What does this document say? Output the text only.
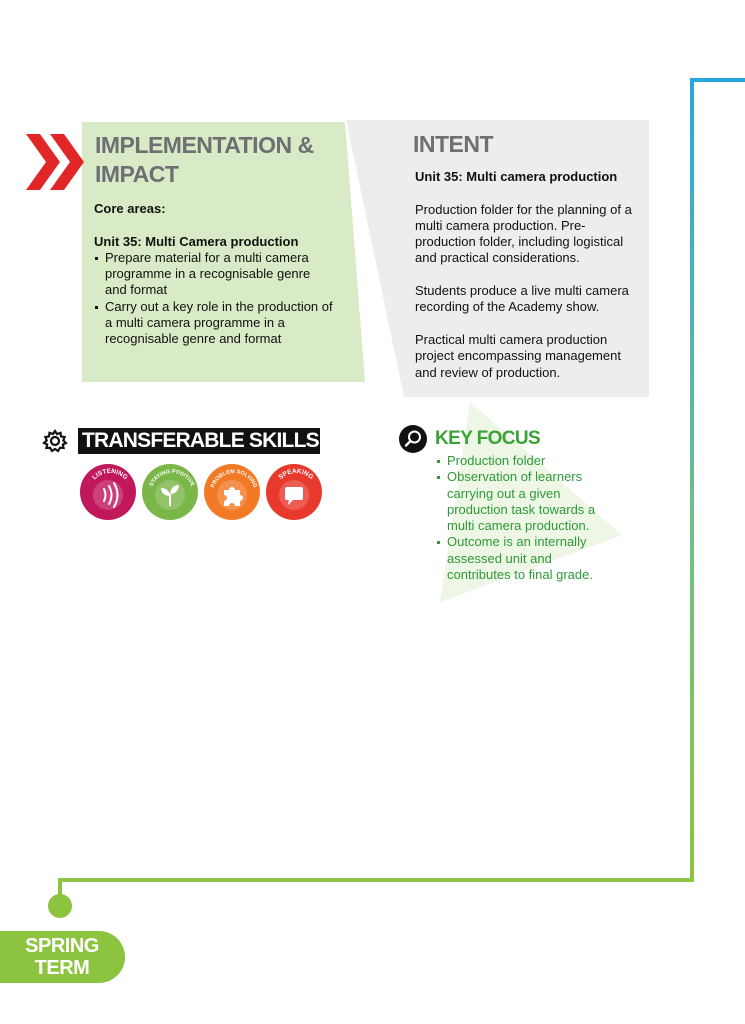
IMPLEMENTATION &
IMPACT
Core areas:
Unit 35: Multi Camera production
Prepare material for a multi camera programme in a recognisable genre and format
Carry out a key role in the production of a multi camera programme in a recognisable genre and format
INTENT

Unit 35: Multi camera production

Production folder for the planning of a multi camera production. Pre-production folder, including logistical and practical considerations.

Students produce a live multi camera recording of the Academy show.

Practical multi camera production project encompassing management and review of production.

TRANSFERABLE SKILLS:
LISTENING
STAYING POSITIVE	PROBLEM SOLVING
SPEAKING
KEY FOCUS
Production folder
Observation of learners carrying out a given production task towards a multi camera production.
Outcome is an internally assessed unit and contributes to final grade.
SPRING
TERM
